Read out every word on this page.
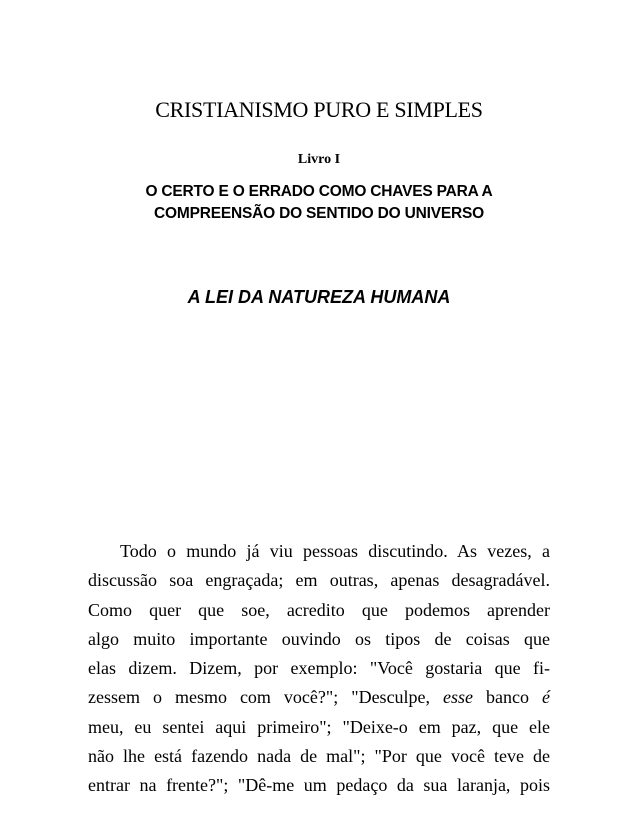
CRISTIANISMO PURO E SIMPLES
Livro I
O CERTO E O ERRADO COMO CHAVES PARA A
COMPREENSÃO DO SENTIDO DO UNIVERSO
A LEI DA NATUREZA HUMANA
Todo o mundo já viu pessoas discutindo. As vezes, a
discussão soa engraçada; em outras, apenas desagradável.
Como quer que soe, acredito que podemos aprender
algo muito importante ouvindo os tipos de coisas que
elas dizem. Dizem, por exemplo: "Você gostaria que fi-
zessem o mesmo com você?"; "Desculpe, esse banco é
meu, eu sentei aqui primeiro"; "Deixe-o em paz, que ele
não lhe está fazendo nada de mal"; "Por que você teve de
entrar na frente?"; "Dê-me um pedaço da sua laranja, pois
